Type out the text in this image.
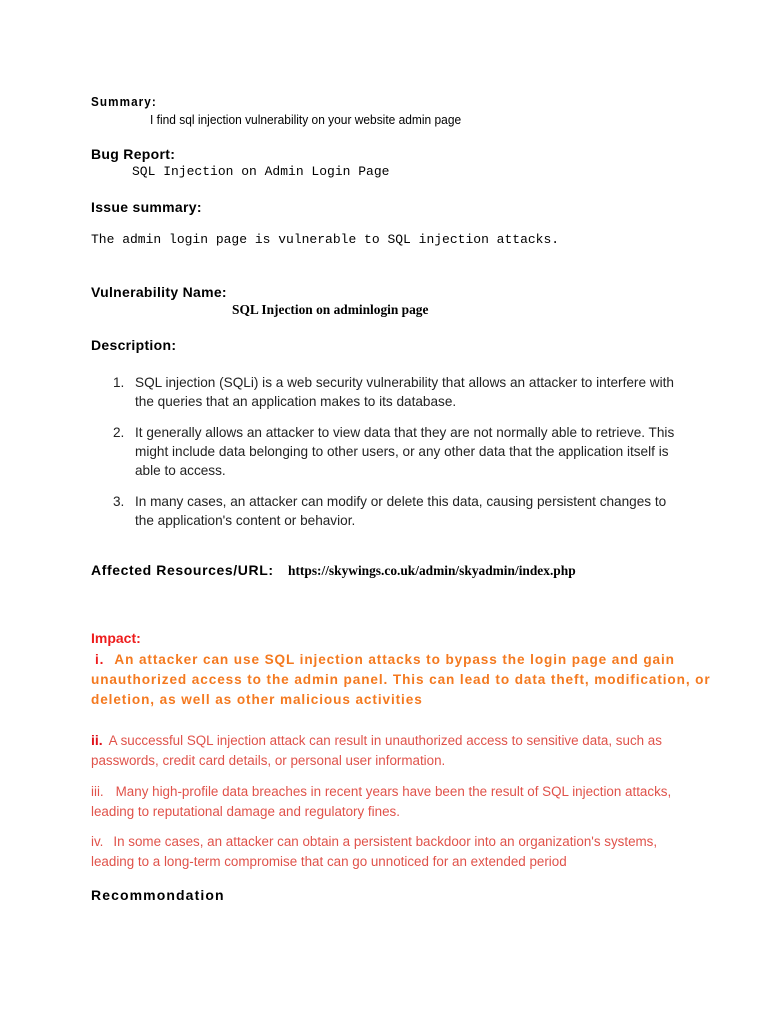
Summary:
I find sql injection vulnerability on your website admin page
Bug Report:
SQL Injection on Admin Login Page
Issue summary:
The admin login page is vulnerable to SQL injection attacks.
Vulnerability Name:
SQL Injection on adminlogin page
Description:
1. SQL injection (SQLi) is a web security vulnerability that allows an attacker to interfere with the queries that an application makes to its database.
2. It generally allows an attacker to view data that they are not normally able to retrieve. This might include data belonging to other users, or any other data that the application itself is able to access.
3. In many cases, an attacker can modify or delete this data, causing persistent changes to the application's content or behavior.
Affected Resources/URL: https://skywings.co.uk/admin/skyadmin/index.php
Impact:
i. An attacker can use SQL injection attacks to bypass the login page and gain unauthorized access to the admin panel. This can lead to data theft, modification, or deletion, as well as other malicious activities
ii. A successful SQL injection attack can result in unauthorized access to sensitive data, such as passwords, credit card details, or personal user information.
iii. Many high-profile data breaches in recent years have been the result of SQL injection attacks, leading to reputational damage and regulatory fines.
iv. In some cases, an attacker can obtain a persistent backdoor into an organization's systems, leading to a long-term compromise that can go unnoticed for an extended period
Recommondation
